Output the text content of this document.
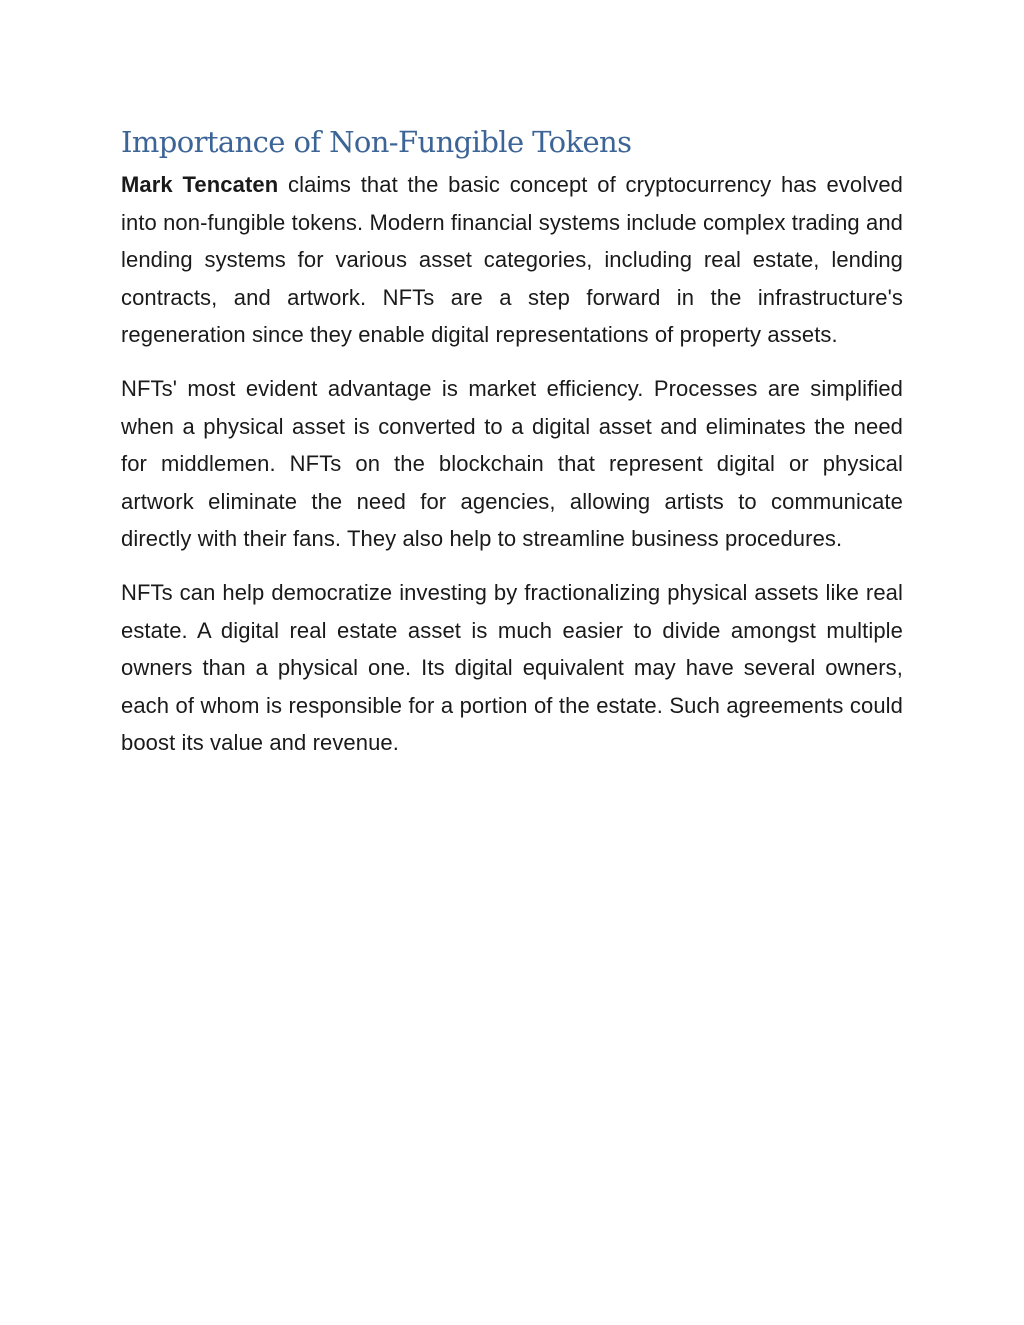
Importance of Non-Fungible Tokens

Mark Tencaten claims that the basic concept of cryptocurrency has evolved into non-fungible tokens. Modern financial systems include complex trading and lending systems for various asset categories, including real estate, lending contracts, and artwork. NFTs are a step forward in the infrastructure's regeneration since they enable digital representations of property assets.

NFTs' most evident advantage is market efficiency. Processes are simplified when a physical asset is converted to a digital asset and eliminates the need for middlemen. NFTs on the blockchain that represent digital or physical artwork eliminate the need for agencies, allowing artists to communicate directly with their fans. They also help to streamline business procedures.

NFTs can help democratize investing by fractionalizing physical assets like real estate. A digital real estate asset is much easier to divide amongst multiple owners than a physical one. Its digital equivalent may have several owners, each of whom is responsible for a portion of the estate. Such agreements could boost its value and revenue.
